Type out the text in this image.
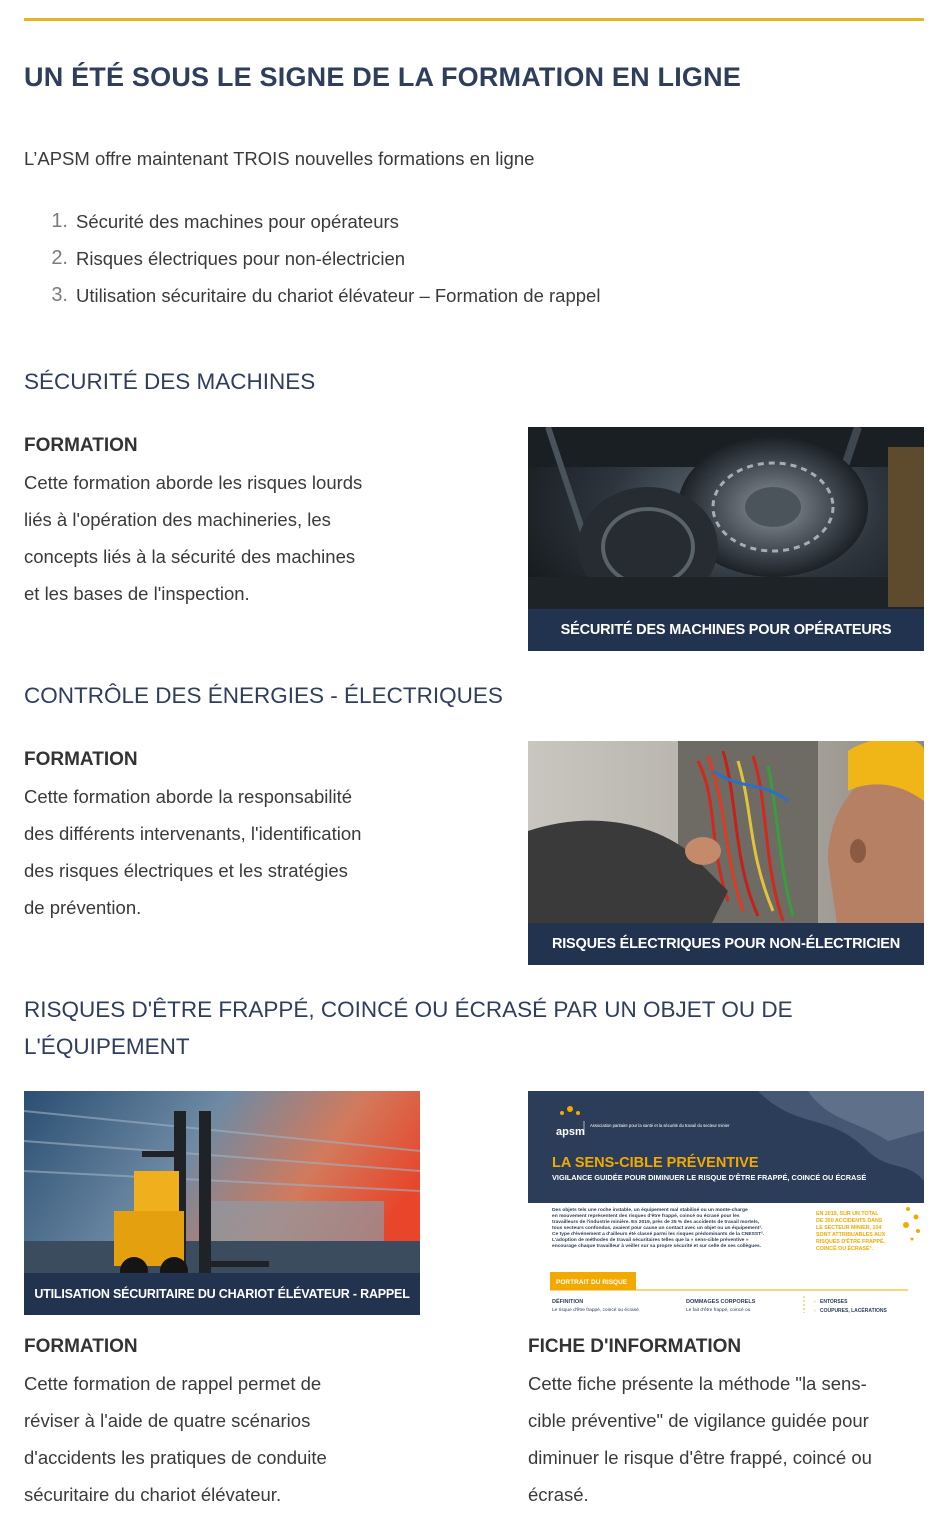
UN ÉTÉ SOUS LE SIGNE DE LA FORMATION EN LIGNE

L’APSM offre maintenant TROIS nouvelles formations en ligne

1. Sécurité des machines pour opérateurs
2. Risques électriques pour non-électricien
3. Utilisation sécuritaire du chariot élévateur – Formation de rappel
SÉCURITÉ DES MACHINES
FORMATION
Cette formation aborde les risques lourds
liés à l'opération des machineries, les
concepts liés à la sécurité des machines
et les bases de l'inspection.
SÉCURITÉ DES MACHINES POUR OPÉRATEURS
CONTRÔLE DES ÉNERGIES - ÉLECTRIQUES
FORMATION
Cette formation aborde la responsabilité
des différents intervenants, l'identification
des risques électriques et les stratégies
de prévention.
RISQUES ÉLECTRIQUES POUR NON-ÉLECTRICIEN
RISQUES D'ÊTRE FRAPPÉ, COINCÉ OU ÉCRASÉ PAR UN OBJET OU DE
L'ÉQUIPEMENT
UTILISATION SÉCURITAIRE DU CHARIOT ÉLÉVATEUR - RAPPEL
apsm
Association paritaire pour la santé et la sécurité du travail du secteur minier
LA SENS-CIBLE PRÉVENTIVE
VIGILANCE GUIDÉE POUR DIMINUER LE RISQUE D'ÊTRE FRAPPÉ, COINCÉ OU ÉCRASÉ
Des objets tels une roche instable, un équipement mal stabilisé ou un monte-charge
en mouvement représentent des risques d'être frappé, coincé ou écrasé pour les
travailleurs de l'industrie minière. En 2019, près de 25 % des accidents de travail mortels,
tous secteurs confondus, avaient pour cause un contact avec un objet ou un équipement¹.
Ce type d'événement a d'ailleurs été classé parmi les risques prédominants de la CNESST².
L'adoption de méthodes de travail sécuritaires telles que la « sens-cible préventive »
encourage chaque travailleur à veiller sur sa propre sécurité et sur celle de ses collègues.
EN 2019, SUR UN TOTAL
DE 350 ACCIDENTS DANS
LE SECTEUR MINIER, 104
SONT ATTRIBUABLES AUX
RISQUES D'ÊTRE FRAPPÉ,
COINCÉ OU ÉCRASÉ³.
PORTRAIT DU RISQUE
DÉFINITION
Le risque d'être frappé, coincé ou écrasé
DOMMAGES CORPORELS
Le fait d'être frappé, coincé ou
ENTORSES
COUPURES, LACÉRATIONS
›
›
FORMATION
Cette formation de rappel permet de
réviser à l'aide de quatre scénarios
d'accidents les pratiques de conduite
sécuritaire du chariot élévateur.
FICHE D'INFORMATION
Cette fiche présente la méthode "la sens-
cible préventive" de vigilance guidée pour
diminuer le risque d'être frappé, coincé ou
écrasé.
